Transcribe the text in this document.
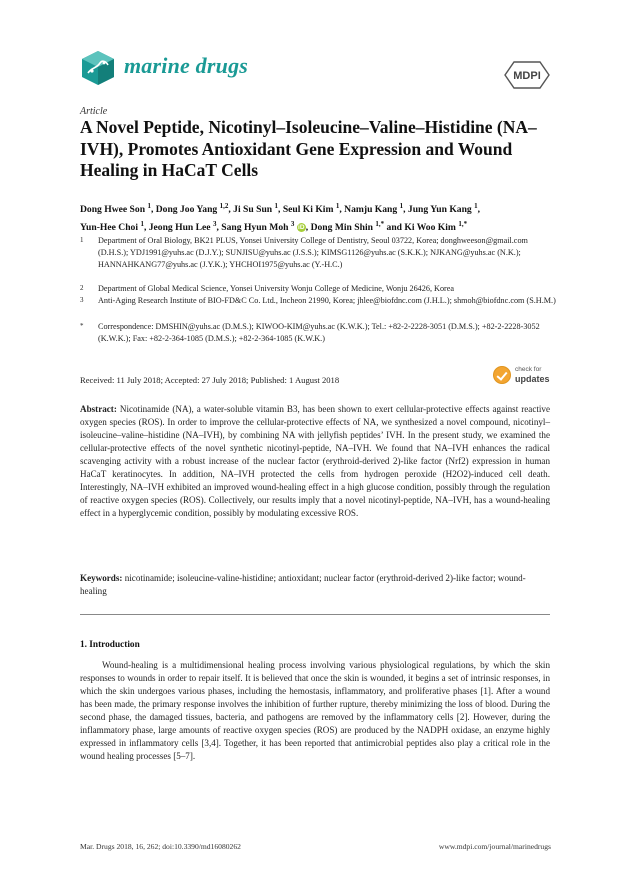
marine drugs	MDPI
Article
A Novel Peptide, Nicotinyl–Isoleucine–Valine–Histidine (NA–IVH), Promotes Antioxidant Gene Expression and Wound Healing in HaCaT Cells
Dong Hwee Son $^1$, Dong Joo Yang $^{1,2}$, Ji Su Sun $^1$, Seul Ki Kim $^1$, Namju Kang $^1$, Jung Yun Kang $^1$,
Yun-Hee Choi $^1$, Jeong Hun Lee $^3$, Sang Hyun Moh $^3$ iD, Dong Min Shin $^{1,*}$ and Ki Woo Kim $^{1,*}$
1 Department of Oral Biology, BK21 PLUS, Yonsei University College of Dentistry, Seoul 03722, Korea; donghweeson@gmail.com (D.H.S.); YDJ1991@yuhs.ac (D.J.Y.); SUNJISU@yuhs.ac (J.S.S.); KIMSG1126@yuhs.ac (S.K.K.); NJKANG@yuhs.ac (N.K.); HANNAHKANG77@yuhs.ac (J.Y.K.); YHCHOI1975@yuhs.ac (Y.-H.C.)
2 Department of Global Medical Science, Yonsei University Wonju College of Medicine, Wonju 26426, Korea
3 Anti-Aging Research Institute of BIO-FD&C Co. Ltd., Incheon 21990, Korea; jhlee@biofdnc.com (J.H.L.); shmoh@biofdnc.com (S.H.M.)
* Correspondence: DMSHIN@yuhs.ac (D.M.S.); KIWOO-KIM@yuhs.ac (K.W.K.); Tel.: +82-2-2228-3051 (D.M.S.); +82-2-2228-3052 (K.W.K.); Fax: +82-2-364-1085 (D.M.S.); +82-2-364-1085 (K.W.K.)
Received: 11 July 2018; Accepted: 27 July 2018; Published: 1 August 2018
check for
updates
Abstract: Nicotinamide (NA), a water-soluble vitamin B3, has been shown to exert cellular-protective effects against reactive oxygen species (ROS). In order to improve the cellular-protective effects of NA, we synthesized a novel compound, nicotinyl–isoleucine–valine–histidine (NA–IVH), by combining NA with jellyfish peptides’ IVH. In the present study, we examined the cellular-protective effects of the novel synthetic nicotinyl-peptide, NA–IVH. We found that NA–IVH enhances the radical scavenging activity with a robust increase of the nuclear factor (erythroid-derived 2)-like factor (Nrf2) expression in human HaCaT keratinocytes. In addition, NA–IVH protected the cells from hydrogen peroxide (H2O2)-induced cell death. Interestingly, NA–IVH exhibited an improved wound-healing effect in a high glucose condition, possibly through the regulation of reactive oxygen species (ROS). Collectively, our results imply that a novel nicotinyl-peptide, NA–IVH, has a wound-healing effect in a hyperglycemic condition, possibly by modulating excessive ROS.
Keywords: nicotinamide; isoleucine-valine-histidine; antioxidant; nuclear factor (erythroid-derived 2)-like factor; wound-healing
1. Introduction
Wound-healing is a multidimensional healing process involving various physiological regulations, by which the skin responses to wounds in order to repair itself. It is believed that once the skin is wounded, it begins a set of intrinsic responses, in which the skin undergoes various phases, including the hemostasis, inflammatory, and proliferative phases [1]. After a wound has been made, the primary response involves the inhibition of further rupture, thereby minimizing the loss of blood. During the second phase, the damaged tissues, bacteria, and pathogens are removed by the inflammatory cells [2]. However, during the inflammatory phase, large amounts of reactive oxygen species (ROS) are produced by the NADPH oxidase, an enzyme highly expressed in inflammatory cells [3,4]. Together, it has been reported that antimicrobial peptides also play a critical role in the wound healing processes [5–7].
Mar. Drugs 2018, 16, 262; doi:10.3390/md16080262	www.mdpi.com/journal/marinedrugs
